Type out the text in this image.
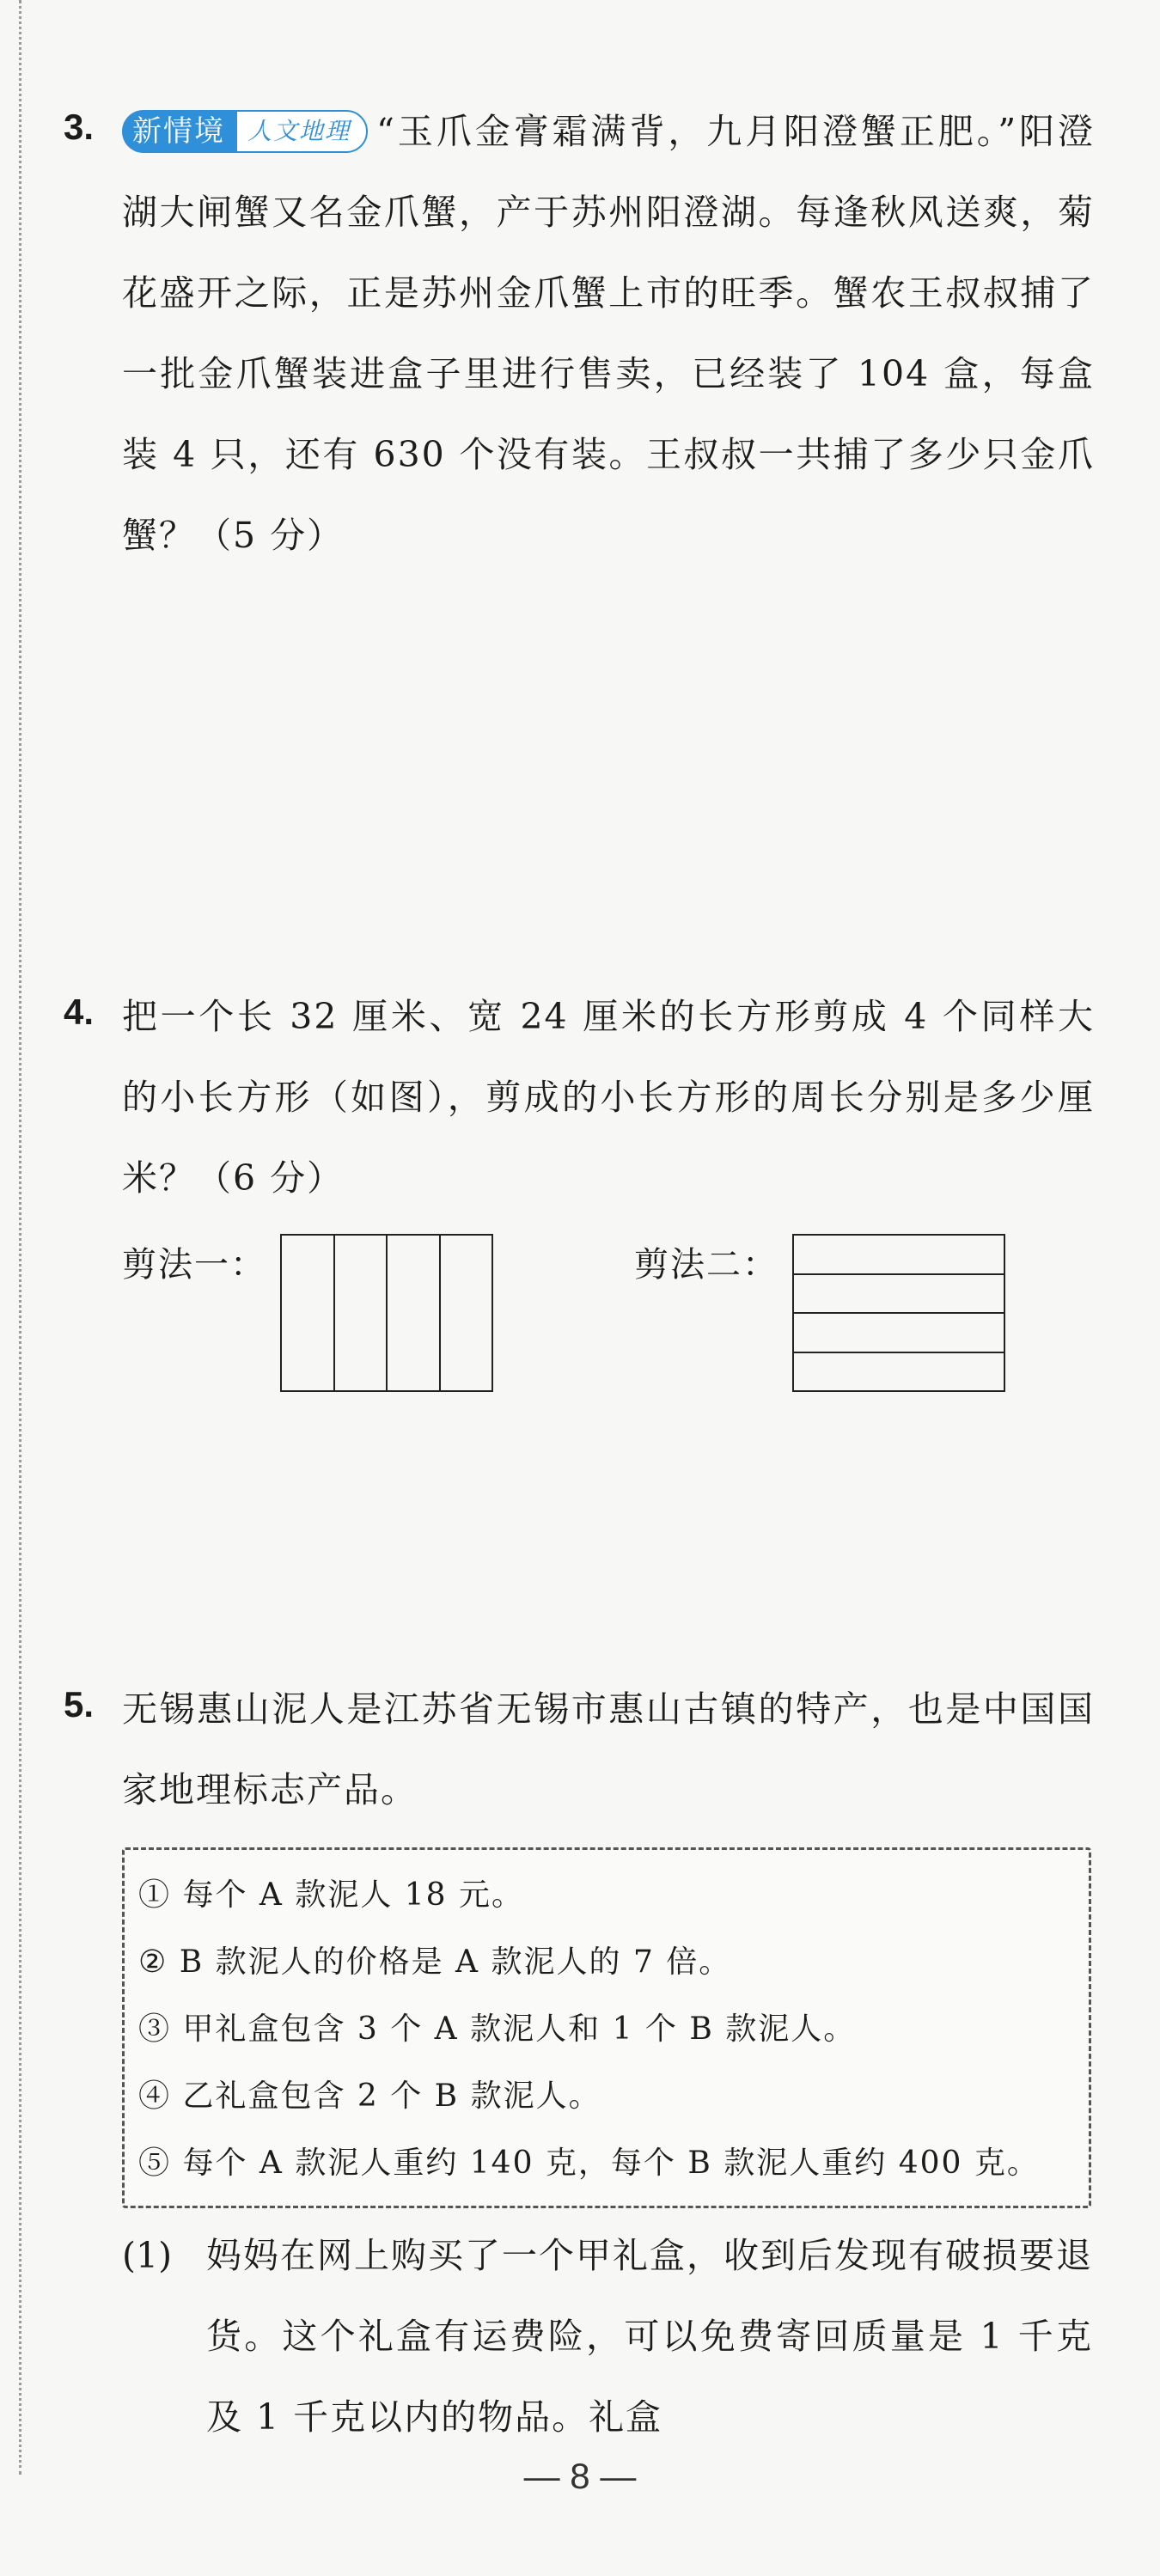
3.	新情境 人文地理 “玉爪金膏霜满背，九月阳澄蟹正肥。”阳澄湖大闸蟹又名金爪蟹，产于苏州阳澄湖。每逢秋风送爽，菊花盛开之际，正是苏州金爪蟹上市的旺季。蟹农王叔叔捕了一批金爪蟹装进盒子里进行售卖，已经装了 104 盒，每盒装 4 只，还有 630 个没有装。王叔叔一共捕了多少只金爪蟹？（5 分）
4. 把一个长 32 厘米、宽 24 厘米的长方形剪成 4 个同样大的小长方形（如图），剪成的小长方形的周长分别是多少厘米？（6 分）
剪法一：	剪法二：
5. 无锡惠山泥人是江苏省无锡市惠山古镇的特产，也是中国国家地理标志产品。
① 每个 A 款泥人 18 元。
② B 款泥人的价格是 A 款泥人的 7 倍。
③ 甲礼盒包含 3 个 A 款泥人和 1 个 B 款泥人。
④ 乙礼盒包含 2 个 B 款泥人。
⑤ 每个 A 款泥人重约 140 克，每个 B 款泥人重约 400 克。
(1) 妈妈在网上购买了一个甲礼盒，收到后发现有破损要退货。这个礼盒有运费险，可以免费寄回质量是 1 千克及 1 千克以内的物品。礼盒
— 8 —
